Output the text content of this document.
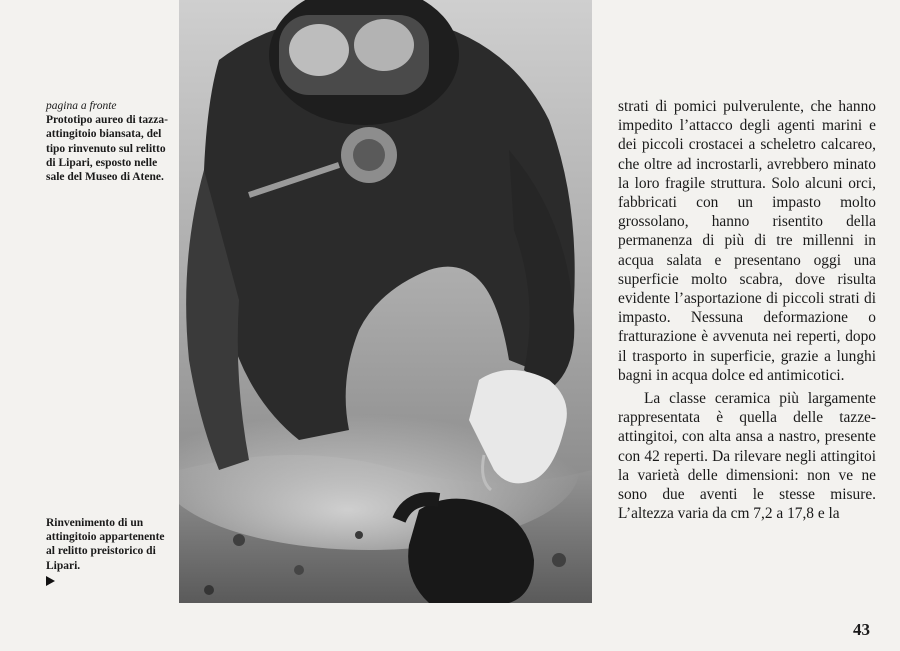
pagina a fronte
Prototipo aureo di tazza-attingitoio biansata, del tipo rinvenuto sul relitto di Lipari, esposto nelle sale del Museo di Atene.
Rinvenimento di un attingitoio appartenente al relitto preistorico di Lipari.

strati di pomici pulverulente, che hanno impedito l’attacco degli agenti marini e dei piccoli crostacei a scheletro calcareo, che oltre ad incrostarli, avrebbero minato la loro fragile struttura. Solo alcuni orci, fabbricati con un impasto molto grossolano, hanno risentito della permanenza di più di tre millenni in acqua salata e presentano oggi una superficie molto scabra, dove risulta evidente l’asportazione di piccoli strati di impasto. Nessuna deformazione o fratturazione è avvenuta nei reperti, dopo il trasporto in superficie, grazie a lunghi bagni in acqua dolce ed antimicotici.

La classe ceramica più largamente rappresentata è quella delle tazze-attingitoi, con alta ansa a nastro, presente con 42 reperti. Da rilevare negli attingitoi la varietà delle dimensioni: non ve ne sono due aventi le stesse misure. L’altezza varia da cm 7,2 a 17,8 e la

43
